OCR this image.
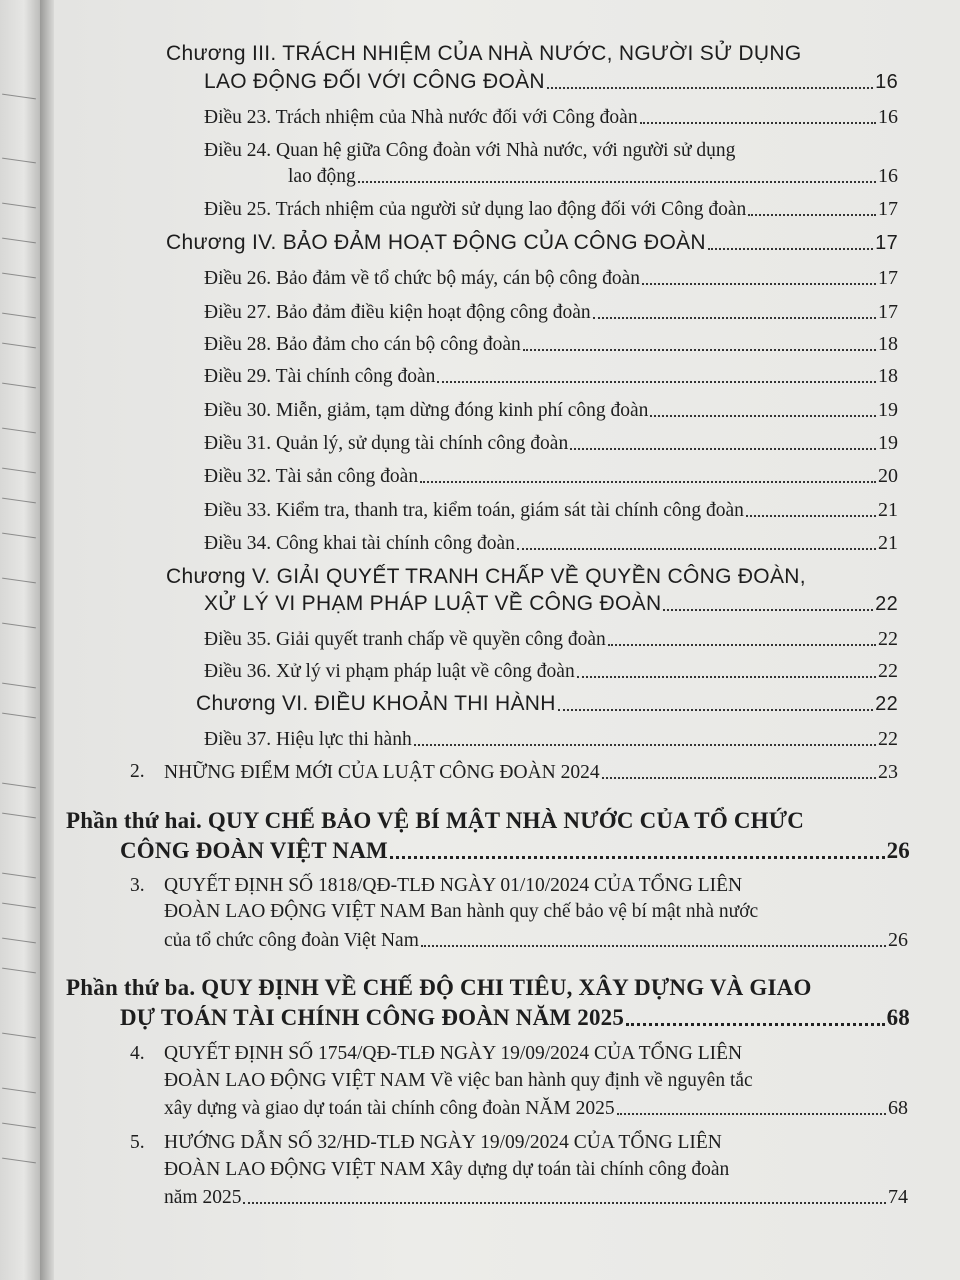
Chương III. TRÁCH NHIỆM CỦA NHÀ NƯỚC, NGƯỜI SỬ DỤNG
LAO ĐỘNG ĐỐI VỚI CÔNG ĐOÀN	16
Điều 23. Trách nhiệm của Nhà nước đối với Công đoàn	16
Điều 24. Quan hệ giữa Công đoàn với Nhà nước, với người sử dụng
lao động	16
Điều 25. Trách nhiệm của người sử dụng lao động đối với Công đoàn	17
Chương IV. BẢO ĐẢM HOẠT ĐỘNG CỦA CÔNG ĐOÀN	17
Điều 26. Bảo đảm về tổ chức bộ máy, cán bộ công đoàn	17
Điều 27. Bảo đảm điều kiện hoạt động công đoàn	17
Điều 28. Bảo đảm cho cán bộ công đoàn	18
Điều 29. Tài chính công đoàn	18
Điều 30. Miễn, giảm, tạm dừng đóng kinh phí công đoàn	19
Điều 31. Quản lý, sử dụng tài chính công đoàn	19
Điều 32. Tài sản công đoàn	20
Điều 33. Kiểm tra, thanh tra, kiểm toán, giám sát tài chính công đoàn	21
Điều 34. Công khai tài chính công đoàn	21
Chương V. GIẢI QUYẾT TRANH CHẤP VỀ QUYỀN CÔNG ĐOÀN,
XỬ LÝ VI PHẠM PHÁP LUẬT VỀ CÔNG ĐOÀN	22
Điều 35. Giải quyết tranh chấp về quyền công đoàn	22
Điều 36. Xử lý vi phạm pháp luật về công đoàn	22
Chương VI. ĐIỀU KHOẢN THI HÀNH	22
Điều 37. Hiệu lực thi hành	22
2. NHỮNG ĐIỂM MỚI CỦA LUẬT CÔNG ĐOÀN 2024	23
Phần thứ hai. QUY CHẾ BẢO VỆ BÍ MẬT NHÀ NƯỚC CỦA TỔ CHỨC
CÔNG ĐOÀN VIỆT NAM	26
3. QUYẾT ĐỊNH SỐ 1818/QĐ-TLĐ NGÀY 01/10/2024 CỦA TỔNG LIÊN
ĐOÀN LAO ĐỘNG VIỆT NAM Ban hành quy chế bảo vệ bí mật nhà nước
của tổ chức công đoàn Việt Nam	26
Phần thứ ba. QUY ĐỊNH VỀ CHẾ ĐỘ CHI TIÊU, XÂY DỰNG VÀ GIAO
DỰ TOÁN TÀI CHÍNH CÔNG ĐOÀN NĂM 2025	68
4. QUYẾT ĐỊNH SỐ 1754/QĐ-TLĐ NGÀY 19/09/2024 CỦA TỔNG LIÊN
ĐOÀN LAO ĐỘNG VIỆT NAM Về việc ban hành quy định về nguyên tắc
xây dựng và giao dự toán tài chính công đoàn NĂM 2025	68
5. HƯỚNG DẪN SỐ 32/HD-TLĐ NGÀY 19/09/2024 CỦA TỔNG LIÊN
ĐOÀN LAO ĐỘNG VIỆT NAM Xây dựng dự toán tài chính công đoàn
năm 2025	74
